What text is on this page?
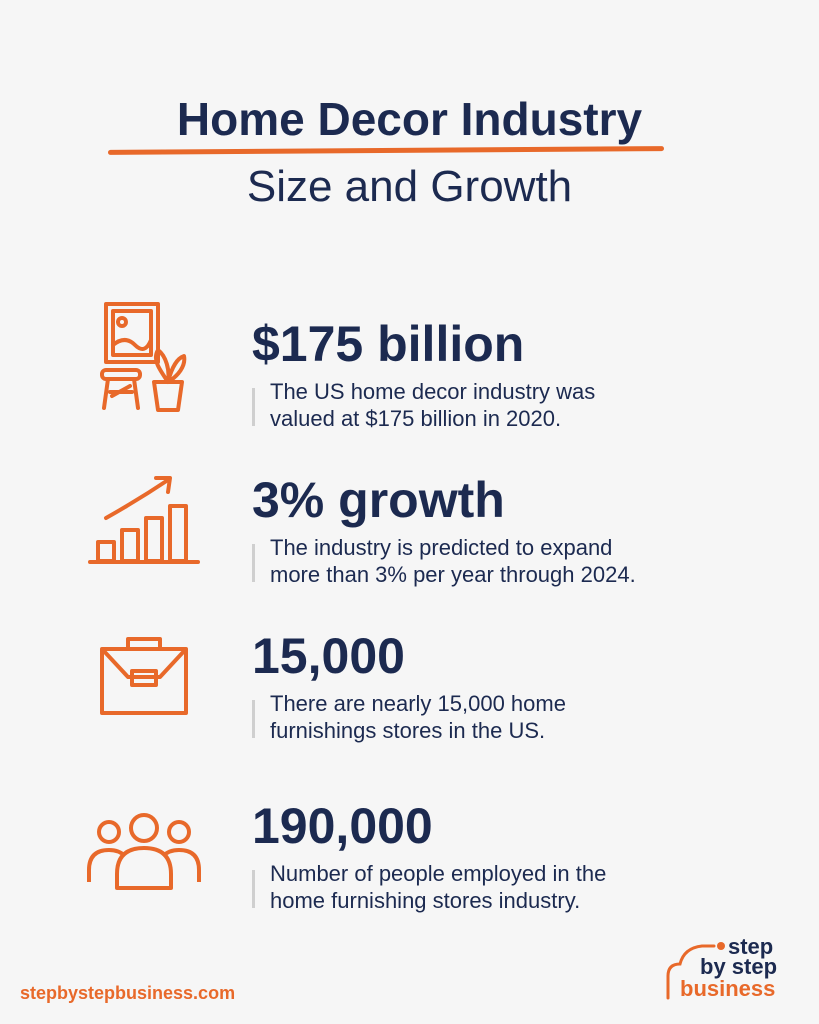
Home Decor Industry
Size and Growth
$175 billion
The US home decor industry was
valued at $175 billion in 2020.
3% growth
The industry is predicted to expand
more than 3% per year through 2024.
15,000
There are nearly 15,000 home
furnishings stores in the US.
190,000
Number of people employed in the
home furnishing stores industry.
stepbystepbusiness.com
step
by step
business
